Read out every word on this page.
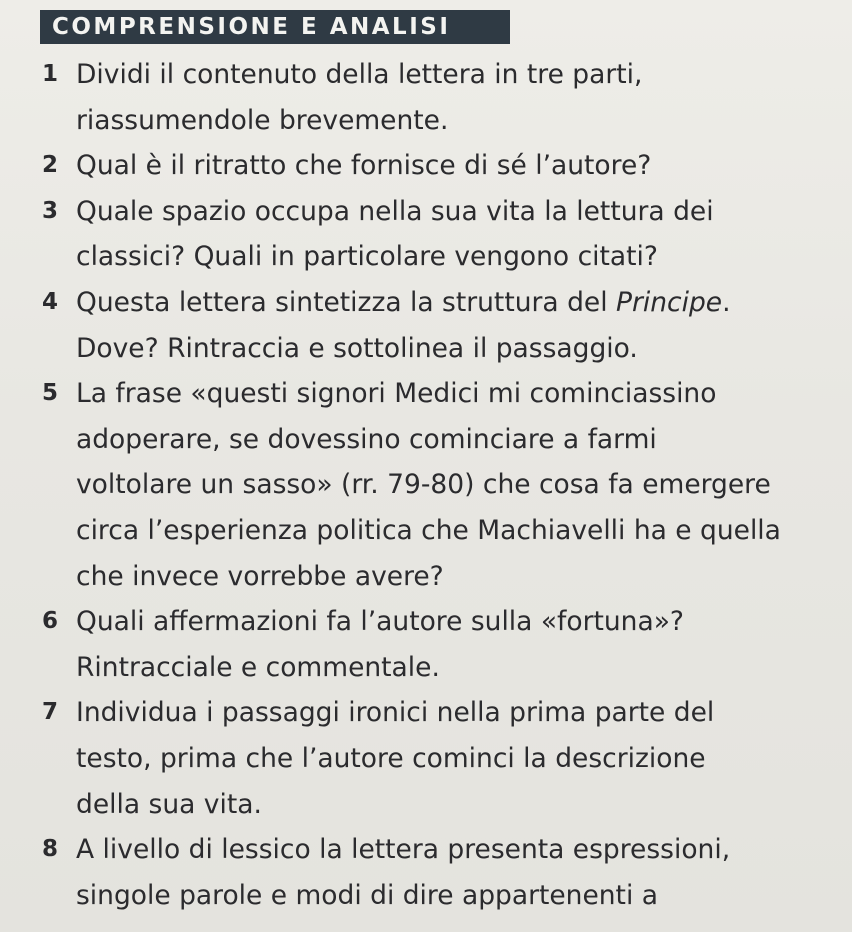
COMPRENSIONE E ANALISI
1 Dividi il contenuto della lettera in tre parti,
riassumendole brevemente.
2 Qual è il ritratto che fornisce di sé l’autore?
3 Quale spazio occupa nella sua vita la lettura dei
classici? Quali in particolare vengono citati?
4 Questa lettera sintetizza la struttura del Principe.
Dove? Rintraccia e sottolinea il passaggio.
5 La frase «questi signori Medici mi cominciassino
adoperare, se dovessino cominciare a farmi
voltolare un sasso» (rr. 79-80) che cosa fa emergere
circa l’esperienza politica che Machiavelli ha e quella
che invece vorrebbe avere?
6 Quali affermazioni fa l’autore sulla «fortuna»?
Rintracciale e commentale.
7 Individua i passaggi ironici nella prima parte del
testo, prima che l’autore cominci la descrizione
della sua vita.
8 A livello di lessico la lettera presenta espressioni,
singole parole e modi di dire appartenenti a
